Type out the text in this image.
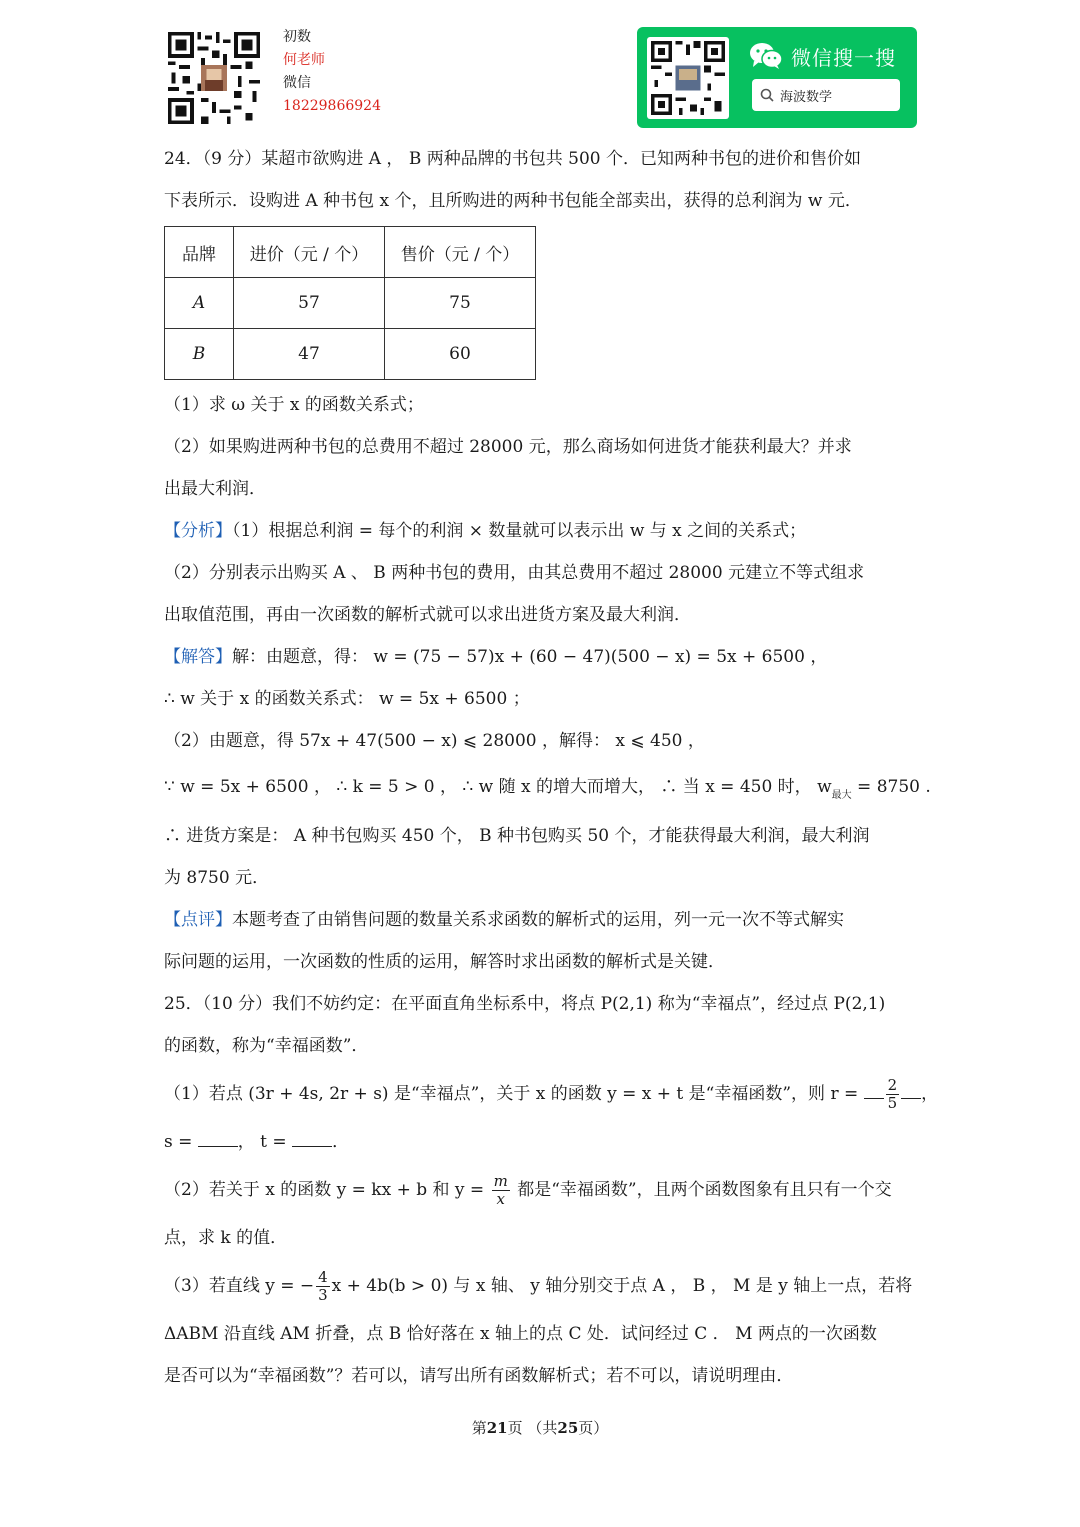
初数
何老师
微信
18229866924
微信搜一搜
海波数学
24．（9 分）某超市欲购进 A ， B 两种品牌的书包共 500 个．已知两种书包的进价和售价如
下表所示．设购进 A 种书包 x 个，且所购进的两种书包能全部卖出，获得的总利润为 w 元．
品牌	进价（元 / 个）	售价（元 / 个）
A	57	75
B	47	60
（1）求 ω 关于 x 的函数关系式；
（2）如果购进两种书包的总费用不超过 28000 元，那么商场如何进货才能获利最大？并求
出最大利润．
【分析】（1）根据总利润 = 每个的利润 × 数量就可以表示出 w 与 x 之间的关系式；
（2）分别表示出购买 A 、 B 两种书包的费用，由其总费用不超过 28000 元建立不等式组求
出取值范围，再由一次函数的解析式就可以求出进货方案及最大利润．
【解答】解：由题意，得： w = (75 − 57)x + (60 − 47)(500 − x) = 5x + 6500 ，
∴ w 关于 x 的函数关系式： w = 5x + 6500 ；
（2）由题意，得 57x + 47(500 − x) ⩽ 28000 ，解得： x ⩽ 450 ，
∵ w = 5x + 6500 ， ∴ k = 5 > 0 ， ∴ w 随 x 的增大而增大， ∴ 当 x = 450 时， $w_{最大} = 8750$ .
∴ 进货方案是： A 种书包购买 450 个， B 种书包购买 50 个，才能获得最大利润，最大利润
为 8750 元．
【点评】本题考查了由销售问题的数量关系求函数的解析式的运用，列一元一次不等式解实
际问题的运用，一次函数的性质的运用，解答时求出函数的解析式是关键．
25．（10 分）我们不妨约定：在平面直角坐标系中，将点 P(2,1) 称为“幸福点”，经过点 P(2,1)
的函数，称为“幸福函数”．
（1）若点 (3r + 4s, 2r + s) 是“幸福点”，关于 x 的函数 y = x + t 是“幸福函数”，则 $r = \frac{2}{5}$ ，
s = ， t = ．
（2）若关于 x 的函数 y = kx + b 和 $y = \frac{m}{x}$ 都是“幸福函数”，且两个函数图象有且只有一个交
点，求 k 的值．
（3）若直线 y = − $\frac{4}{3}$ x + 4b(b > 0) 与 x 轴、 y 轴分别交于点 A ， B ， M 是 y 轴上一点，若将
ΔABM 沿直线 AM 折叠，点 B 恰好落在 x 轴上的点 C 处．试问经过 C ． M 两点的一次函数
是否可以为“幸福函数”？若可以，请写出所有函数解析式；若不可以，请说明理由．
第21页 （共25页）
